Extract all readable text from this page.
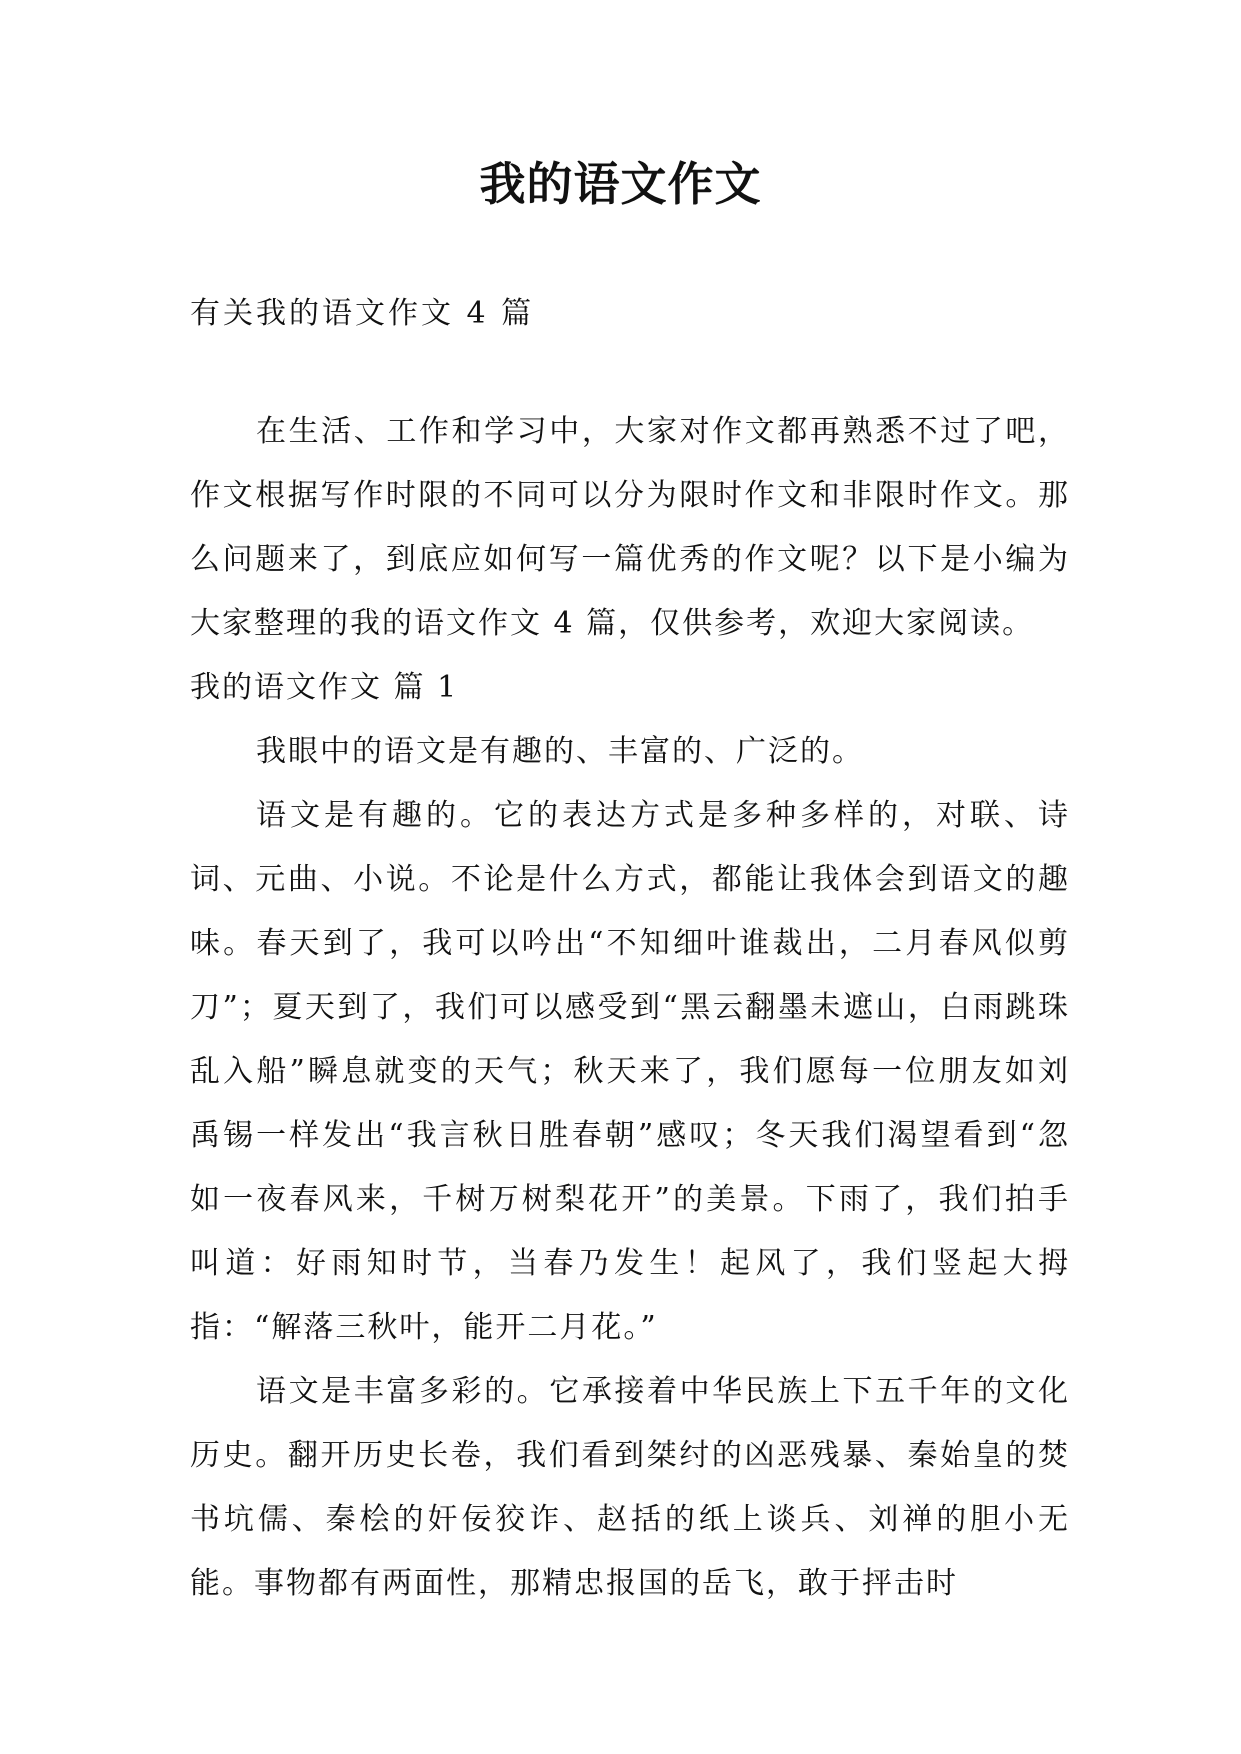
我的语文作文
有关我的语文作文 4 篇

在生活、工作和学习中，大家对作文都再熟悉不过了吧，作文根据写作时限的不同可以分为限时作文和非限时作文。那么问题来了，到底应如何写一篇优秀的作文呢？以下是小编为大家整理的我的语文作文 4 篇，仅供参考，欢迎大家阅读。

我的语文作文 篇 1

我眼中的语文是有趣的、丰富的、广泛的。

语文是有趣的。它的表达方式是多种多样的，对联、诗词、元曲、小说。不论是什么方式，都能让我体会到语文的趣味。春天到了，我可以吟出“不知细叶谁裁出，二月春风似剪刀”；夏天到了，我们可以感受到“黑云翻墨未遮山，白雨跳珠乱入船”瞬息就变的天气；秋天来了，我们愿每一位朋友如刘禹锡一样发出“我言秋日胜春朝”感叹；冬天我们渴望看到“忽如一夜春风来，千树万树梨花开”的美景。下雨了，我们拍手叫道：好雨知时节，当春乃发生！起风了，我们竖起大拇指：“解落三秋叶，能开二月花。”

语文是丰富多彩的。它承接着中华民族上下五千年的文化历史。翻开历史长卷，我们看到桀纣的凶恶残暴、秦始皇的焚书坑儒、秦桧的奸佞狡诈、赵括的纸上谈兵、刘禅的胆小无能。事物都有两面性，那精忠报国的岳飞，敢于抨击时
